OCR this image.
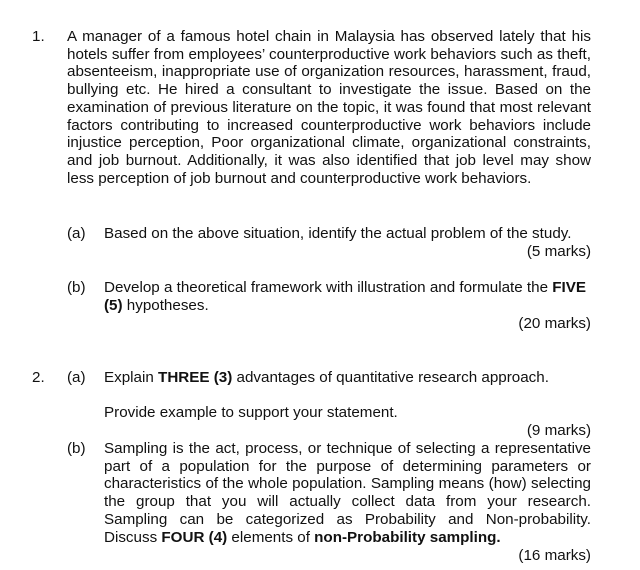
1. A manager of a famous hotel chain in Malaysia has observed lately that his hotels suffer from employees’ counterproductive work behaviors such as theft, absenteeism, inappropriate use of organization resources, harassment, fraud, bullying etc. He hired a consultant to investigate the issue. Based on the examination of previous literature on the topic, it was found that most relevant factors contributing to increased counterproductive work behaviors include injustice perception, Poor organizational climate, organizational constraints, and job burnout. Additionally, it was also identified that job level may show less perception of job burnout and counterproductive work behaviors.

(a) Based on the above situation, identify the actual problem of the study.

(5 marks)
(b) Develop a theoretical framework with illustration and formulate the FIVE (5) hypotheses.

(20 marks)
2. (a) Explain THREE (3) advantages of quantitative research approach.

Provide example to support your statement.

(9 marks)
(b) Sampling is the act, process, or technique of selecting a representative part of a population for the purpose of determining parameters or characteristics of the whole population. Sampling means (how) selecting the group that you will actually collect data from your research. Sampling can be categorized as Probability and Non-probability. Discuss FOUR (4) elements of non-Probability sampling.

(16 marks)
